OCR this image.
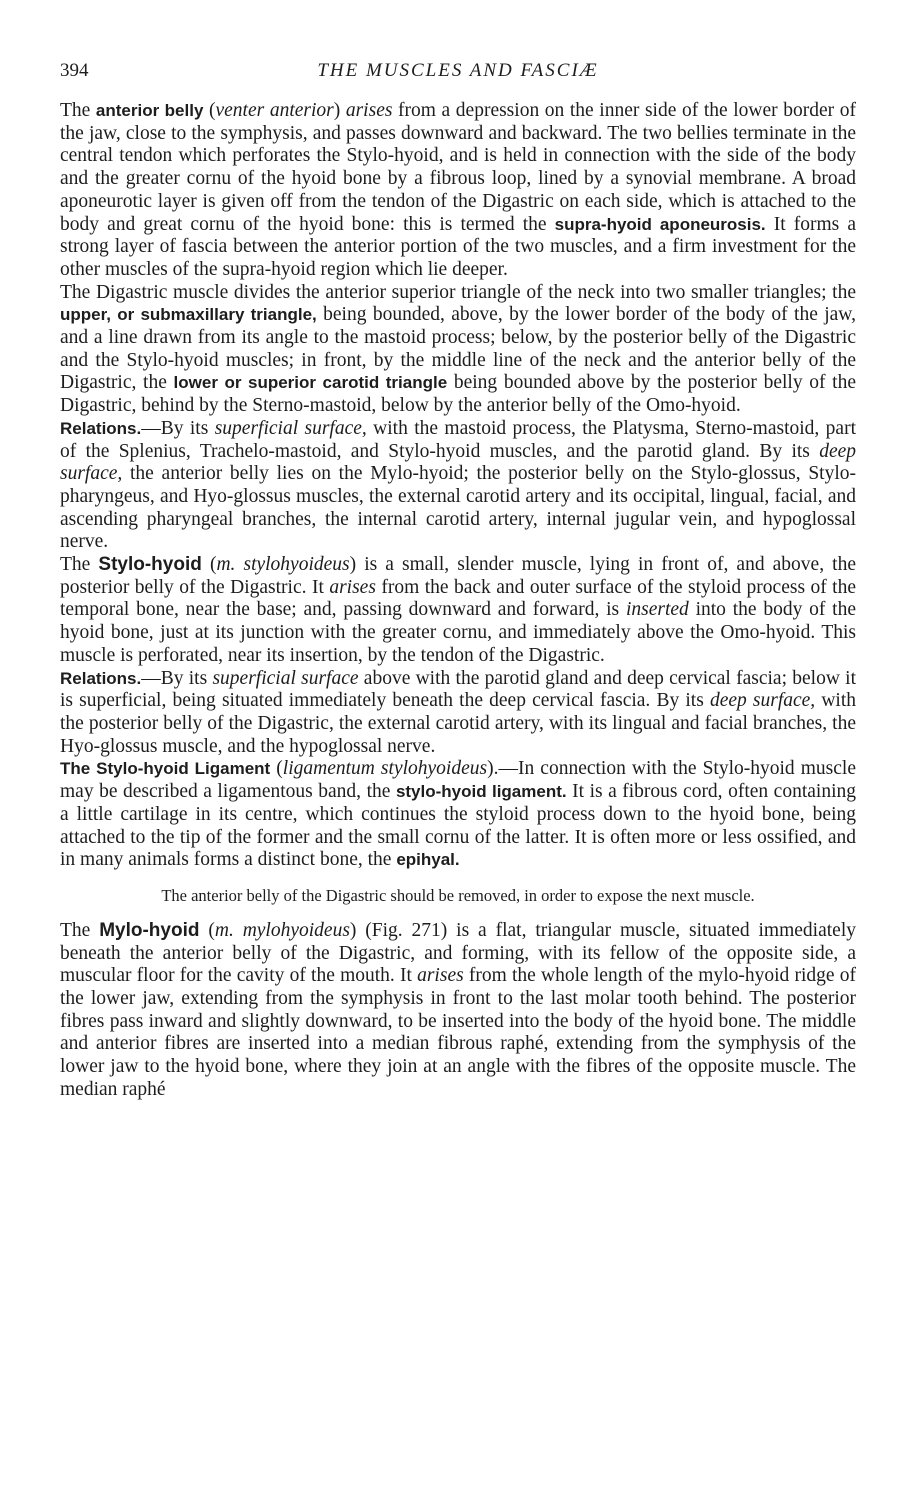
394	THE MUSCLES AND FASCIÆ

The anterior belly (venter anterior) arises from a depression on the inner side of the lower border of the jaw, close to the symphysis, and passes downward and backward. The two bellies terminate in the central tendon which perforates the Stylo-hyoid, and is held in connection with the side of the body and the greater cornu of the hyoid bone by a fibrous loop, lined by a synovial membrane. A broad aponeurotic layer is given off from the tendon of the Digastric on each side, which is attached to the body and great cornu of the hyoid bone: this is termed the supra-hyoid aponeurosis. It forms a strong layer of fascia between the anterior portion of the two muscles, and a firm investment for the other muscles of the supra-hyoid region which lie deeper.

The Digastric muscle divides the anterior superior triangle of the neck into two smaller triangles; the upper, or submaxillary triangle, being bounded, above, by the lower border of the body of the jaw, and a line drawn from its angle to the mastoid process; below, by the posterior belly of the Digastric and the Stylo-hyoid muscles; in front, by the middle line of the neck and the anterior belly of the Digastric, the lower or superior carotid triangle being bounded above by the posterior belly of the Digastric, behind by the Sterno-mastoid, below by the anterior belly of the Omo-hyoid.

Relations.—By its superficial surface, with the mastoid process, the Platysma, Sterno-mastoid, part of the Splenius, Trachelo-mastoid, and Stylo-hyoid muscles, and the parotid gland. By its deep surface, the anterior belly lies on the Mylo-hyoid; the posterior belly on the Stylo-glossus, Stylo-pharyngeus, and Hyo-glossus muscles, the external carotid artery and its occipital, lingual, facial, and ascending pharyngeal branches, the internal carotid artery, internal jugular vein, and hypoglossal nerve.

The Stylo-hyoid (m. stylohyoideus) is a small, slender muscle, lying in front of, and above, the posterior belly of the Digastric. It arises from the back and outer surface of the styloid process of the temporal bone, near the base; and, passing downward and forward, is inserted into the body of the hyoid bone, just at its junction with the greater cornu, and immediately above the Omo-hyoid. This muscle is perforated, near its insertion, by the tendon of the Digastric.

Relations.—By its superficial surface above with the parotid gland and deep cervical fascia; below it is superficial, being situated immediately beneath the deep cervical fascia. By its deep surface, with the posterior belly of the Digastric, the external carotid artery, with its lingual and facial branches, the Hyo-glossus muscle, and the hypoglossal nerve.

The Stylo-hyoid Ligament (ligamentum stylohyoideus).—In connection with the Stylo-hyoid muscle may be described a ligamentous band, the stylo-hyoid ligament. It is a fibrous cord, often containing a little cartilage in its centre, which continues the styloid process down to the hyoid bone, being attached to the tip of the former and the small cornu of the latter. It is often more or less ossified, and in many animals forms a distinct bone, the epihyal.

The anterior belly of the Digastric should be removed, in order to expose the next muscle.

The Mylo-hyoid (m. mylohyoideus) (Fig. 271) is a flat, triangular muscle, situated immediately beneath the anterior belly of the Digastric, and forming, with its fellow of the opposite side, a muscular floor for the cavity of the mouth. It arises from the whole length of the mylo-hyoid ridge of the lower jaw, extending from the symphysis in front to the last molar tooth behind. The posterior fibres pass inward and slightly downward, to be inserted into the body of the hyoid bone. The middle and anterior fibres are inserted into a median fibrous raphé, extending from the symphysis of the lower jaw to the hyoid bone, where they join at an angle with the fibres of the opposite muscle. The median raphé
